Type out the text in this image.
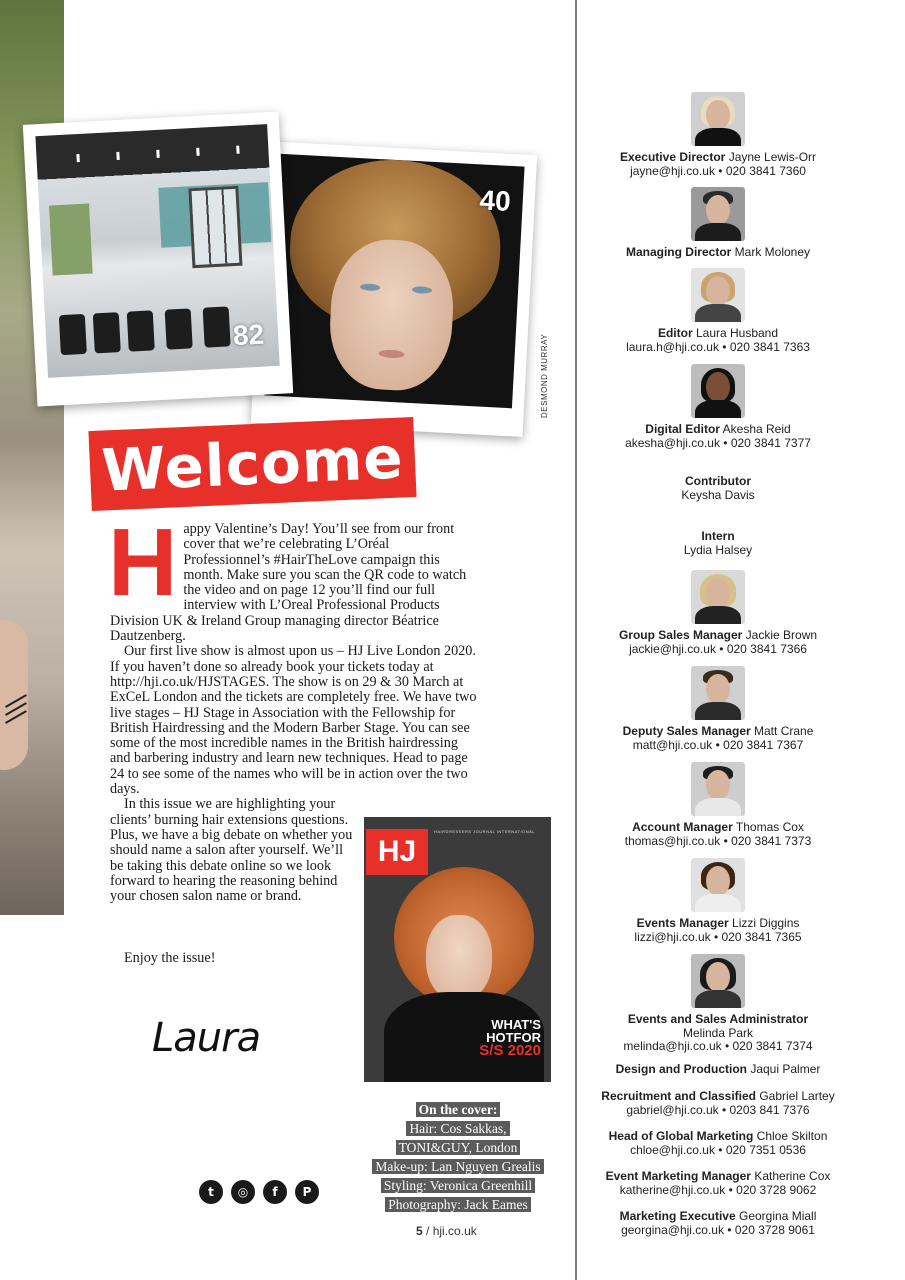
40
DESMOND MURRAY
82
Welcome

Happy Valentine’s Day! You’ll see from our front cover that we’re celebrating L’Oréal Professionnel’s #HairTheLove campaign this month. Make sure you scan the QR code to watch the video and on page 12 you’ll find our full interview with L’Oreal Professional Products Division UK & Ireland Group managing director Béatrice Dautzenberg.

Our first live show is almost upon us – HJ Live London 2020. If you haven’t done so already book your tickets today at http://hji.co.uk/HJSTAGES. The show is on 29 & 30 March at ExCeL London and the tickets are completely free. We have two live stages – HJ Stage in Association with the Fellowship for British Hairdressing and the Modern Barber Stage. You can see some of the most incredible names in the British hairdressing and barbering industry and learn new techniques. Head to page 24 to see some of the names who will be in action over the two days.

In this issue we are highlighting your clients’ burning hair extensions questions. Plus, we have a big debate on whether you should name a salon after yourself. We’ll be taking this debate online so we look forward to hearing the reasoning behind your chosen salon name or brand.

Enjoy the issue!
Laura
HJ
HAIRDRESSERS JOURNAL INTERNATIONAL
WHAT'S
HOTFOR
S/S 2020
On the cover:
Hair: Cos Sakkas,
TONI&GUY, London
Make-up: Lan Nguyen Grealis
Styling: Veronica Greenhill
Photography: Jack Eames
t	◎	f	P
5 / hji.co.uk
Executive Director Jayne Lewis-Orr
jayne@hji.co.uk • 020 3841 7360
Managing Director Mark Moloney
Editor Laura Husband
laura.h@hji.co.uk • 020 3841 7363
Digital Editor Akesha Reid
akesha@hji.co.uk • 020 3841 7377
Contributor
Keysha Davis
Intern
Lydia Halsey
Group Sales Manager Jackie Brown
jackie@hji.co.uk • 020 3841 7366
Deputy Sales Manager Matt Crane
matt@hji.co.uk • 020 3841 7367
Account Manager Thomas Cox
thomas@hji.co.uk • 020 3841 7373
Events Manager Lizzi Diggins
lizzi@hji.co.uk • 020 3841 7365
Events and Sales Administrator
Melinda Park
melinda@hji.co.uk • 020 3841 7374
Design and Production Jaqui Palmer
Recruitment and Classified Gabriel Lartey
gabriel@hji.co.uk • 0203 841 7376
Head of Global Marketing Chloe Skilton
chloe@hji.co.uk • 020 7351 0536
Event Marketing Manager Katherine Cox
katherine@hji.co.uk • 020 3728 9062
Marketing Executive Georgina Miall
georgina@hji.co.uk • 020 3728 9061
